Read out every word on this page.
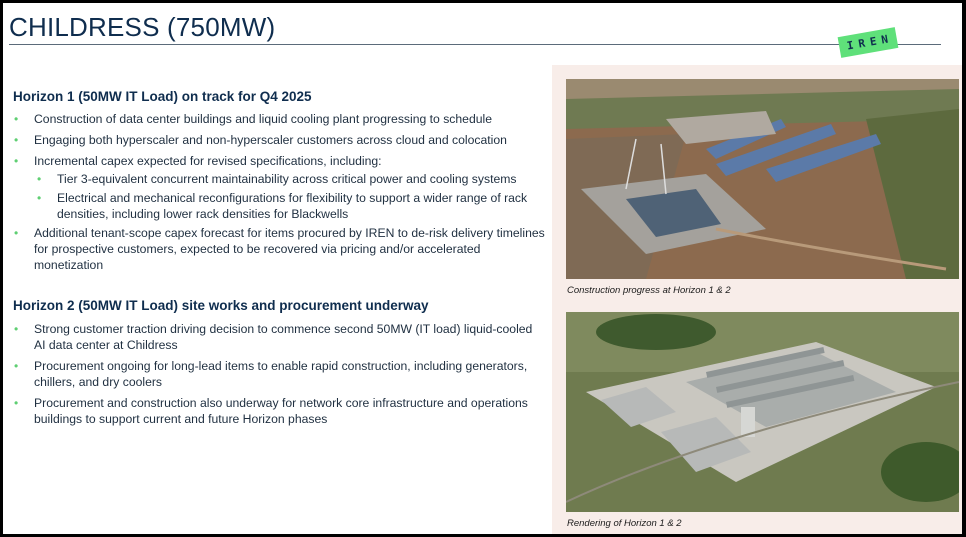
CHILDRESS (750MW)
IREN
Construction progress at Horizon 1 & 2
Rendering of Horizon 1 & 2
Horizon 1 (50MW IT Load) on track for Q4 2025
• Construction of data center buildings and liquid cooling plant progressing to schedule
• Engaging both hyperscaler and non-hyperscaler customers across cloud and colocation
• Incremental capex expected for revised specifications, including:
• Tier 3-equivalent concurrent maintainability across critical power and cooling systems
• Electrical and mechanical reconfigurations for flexibility to support a wider range of rack densities, including lower rack densities for Blackwells
• Additional tenant-scope capex forecast for items procured by IREN to de-risk delivery timelines for prospective customers, expected to be recovered via pricing and/or accelerated monetization
Horizon 2 (50MW IT Load) site works and procurement underway
• Strong customer traction driving decision to commence second 50MW (IT load) liquid-cooled AI data center at Childress
• Procurement ongoing for long-lead items to enable rapid construction, including generators, chillers, and dry coolers
• Procurement and construction also underway for network core infrastructure and operations buildings to support current and future Horizon phases
